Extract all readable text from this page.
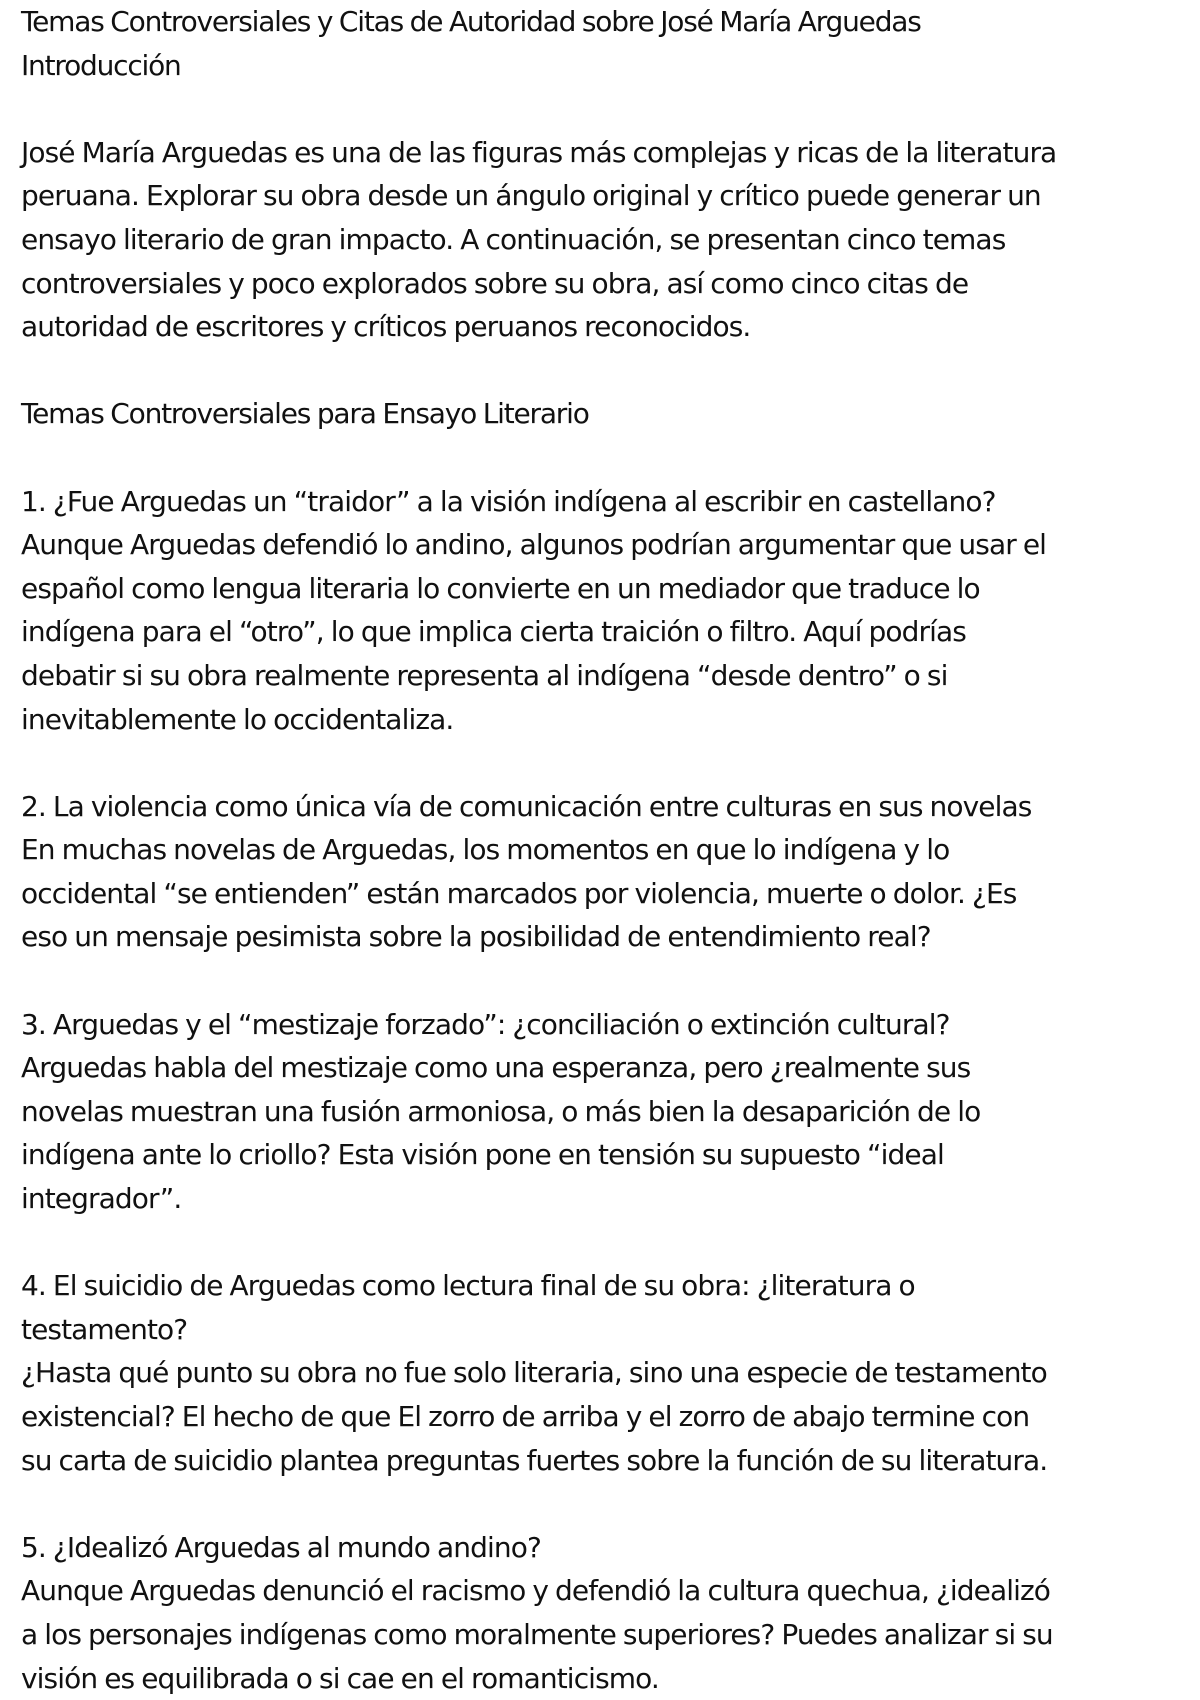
Temas Controversiales y Citas de Autoridad sobre José María Arguedas
Introducción

José María Arguedas es una de las figuras más complejas y ricas de la literatura

peruana. Explorar su obra desde un ángulo original y crítico puede generar un

ensayo literario de gran impacto. A continuación, se presentan cinco temas

controversiales y poco explorados sobre su obra, así como cinco citas de

autoridad de escritores y críticos peruanos reconocidos.

Temas Controversiales para Ensayo Literario

1. ¿Fue Arguedas un “traidor” a la visión indígena al escribir en castellano?

Aunque Arguedas defendió lo andino, algunos podrían argumentar que usar el

español como lengua literaria lo convierte en un mediador que traduce lo

indígena para el “otro”, lo que implica cierta traición o filtro. Aquí podrías

debatir si su obra realmente representa al indígena “desde dentro” o si

inevitablemente lo occidentaliza.

2. La violencia como única vía de comunicación entre culturas en sus novelas

En muchas novelas de Arguedas, los momentos en que lo indígena y lo

occidental “se entienden” están marcados por violencia, muerte o dolor. ¿Es

eso un mensaje pesimista sobre la posibilidad de entendimiento real?

3. Arguedas y el “mestizaje forzado”: ¿conciliación o extinción cultural?

Arguedas habla del mestizaje como una esperanza, pero ¿realmente sus

novelas muestran una fusión armoniosa, o más bien la desaparición de lo

indígena ante lo criollo? Esta visión pone en tensión su supuesto “ideal

integrador”.

4. El suicidio de Arguedas como lectura final de su obra: ¿literatura o

testamento?

¿Hasta qué punto su obra no fue solo literaria, sino una especie de testamento

existencial? El hecho de que El zorro de arriba y el zorro de abajo termine con

su carta de suicidio plantea preguntas fuertes sobre la función de su literatura.

5. ¿Idealizó Arguedas al mundo andino?

Aunque Arguedas denunció el racismo y defendió la cultura quechua, ¿idealizó

a los personajes indígenas como moralmente superiores? Puedes analizar si su

visión es equilibrada o si cae en el romanticismo.
